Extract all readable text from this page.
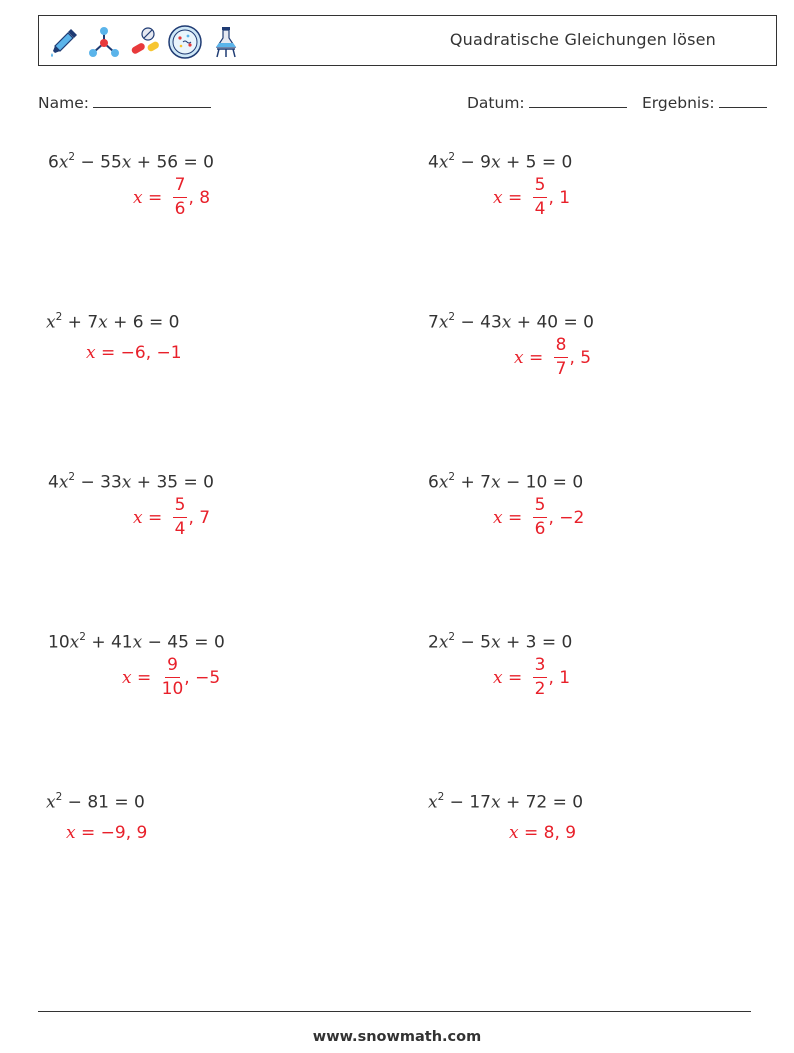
Quadratische Gleichungen lösen
Name:	Datum:	Ergebnis:
$6x^2 - 55x + 56 = 0$
$x = \frac{7}{6}$ , 8
$4x^2 - 9x + 5 = 0$
$x = \frac{5}{4}$ , 1
$x^2 + 7x + 6 = 0$
x = −6, −1
$7x^2 - 43x + 40 = 0$
$x = \frac{8}{7}$ , 5
$4x^2 - 33x + 35 = 0$
$x = \frac{5}{4}$ , 7
$6x^2 + 7x - 10 = 0$
$x = \frac{5}{6}$ , −2
$10x^2 + 41x - 45 = 0$
$x = \frac{9}{10}$ , −5
$2x^2 - 5x + 3 = 0$
$x = \frac{3}{2}$ , 1
$x^2 - 81 = 0$
x = −9, 9
$x^2 - 17x + 72 = 0$
x = 8, 9
www.snowmath.com
